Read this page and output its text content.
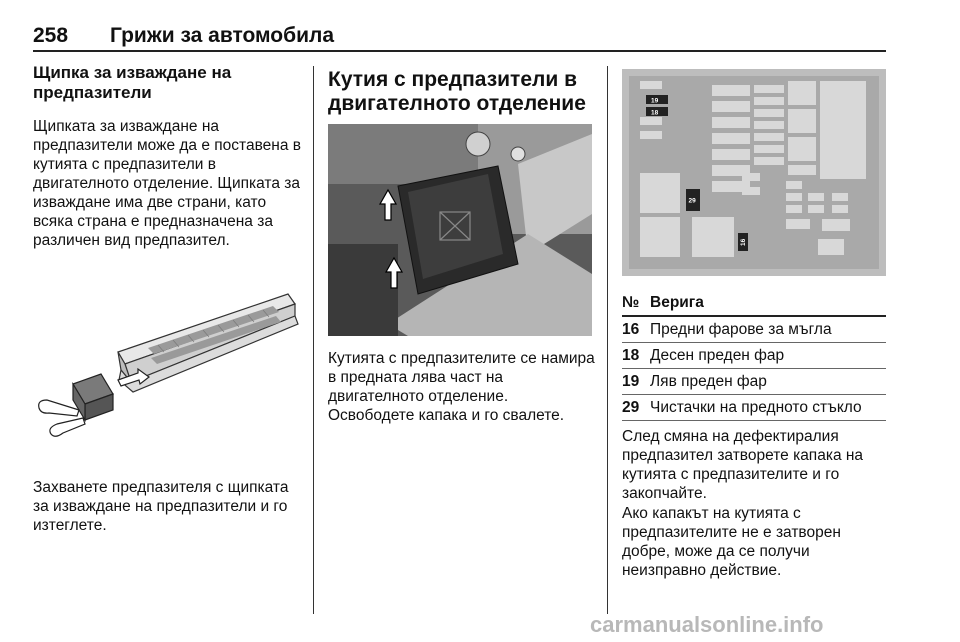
258 Грижи за автомобила
Щипка за изваждане на предпазители

Щипката за изваждане на предпазители може да е поставена в кутията с предпазители в двигателното отделение. Щипката за изваждане има две страни, като всяка страна е предназначена за различен вид предпазител.

Захванете предпазителя с щипката за изваждане на предпазители и го изтеглете.

Кутия с предпазители в двигателното отделение

Кутията с предпазителите се намира в предната лява част на двигателното отделение.

Освободете капака и го свалете.

19
18
29
16
№	Верига
16	Предни фарове за мъгла
18	Десен преден фар
19	Ляв преден фар
29	Чистачки на предното стъкло

След смяна на дефектиралия предпазител затворете капака на кутията с предпазителите и го закопчайте.

Ако капакът на кутията с предпазителите не е затворен добре, може да се получи неизправно действие.

carmanualsonline.info
